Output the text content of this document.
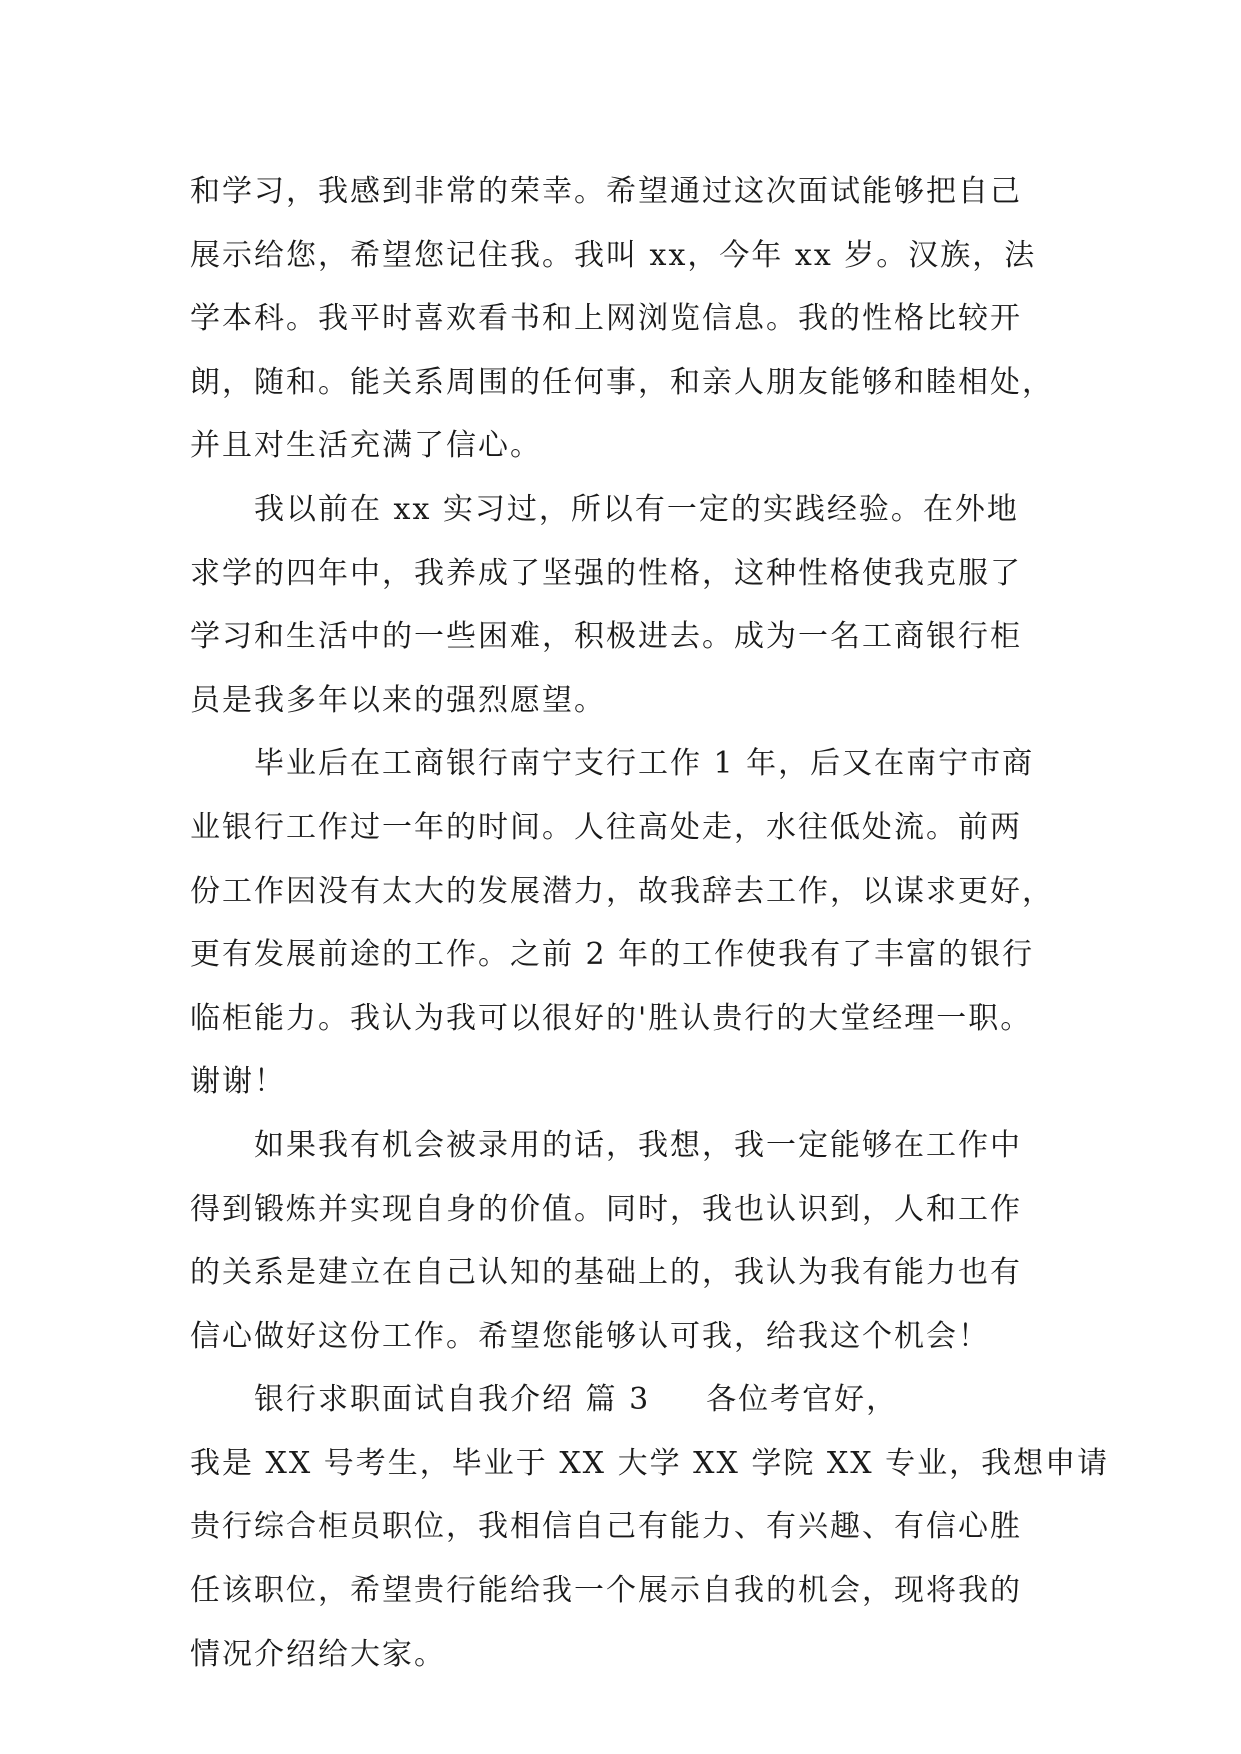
和学习，我感到非常的荣幸。希望通过这次面试能够把自己
展示给您，希望您记住我。我叫 xx，今年 xx 岁。汉族，法
学本科。我平时喜欢看书和上网浏览信息。我的性格比较开
朗，随和。能关系周围的任何事，和亲人朋友能够和睦相处，
并且对生活充满了信心。
我以前在 xx 实习过，所以有一定的实践经验。在外地
求学的四年中，我养成了坚强的性格，这种性格使我克服了
学习和生活中的一些困难，积极进去。成为一名工商银行柜
员是我多年以来的强烈愿望。
毕业后在工商银行南宁支行工作 1 年，后又在南宁市商
业银行工作过一年的时间。人往高处走，水往低处流。前两
份工作因没有太大的发展潜力，故我辞去工作，以谋求更好，
更有发展前途的工作。之前 2 年的工作使我有了丰富的银行
临柜能力。我认为我可以很好的'胜认贵行的大堂经理一职。
谢谢！
如果我有机会被录用的话，我想，我一定能够在工作中
得到锻炼并实现自身的价值。同时，我也认识到，人和工作
的关系是建立在自己认知的基础上的，我认为我有能力也有
信心做好这份工作。希望您能够认可我，给我这个机会！
银行求职面试自我介绍 篇 3 各位考官好，
我是 XX 号考生，毕业于 XX 大学 XX 学院 XX 专业，我想申请
贵行综合柜员职位，我相信自己有能力、有兴趣、有信心胜
任该职位，希望贵行能给我一个展示自我的机会，现将我的
情况介绍给大家。
